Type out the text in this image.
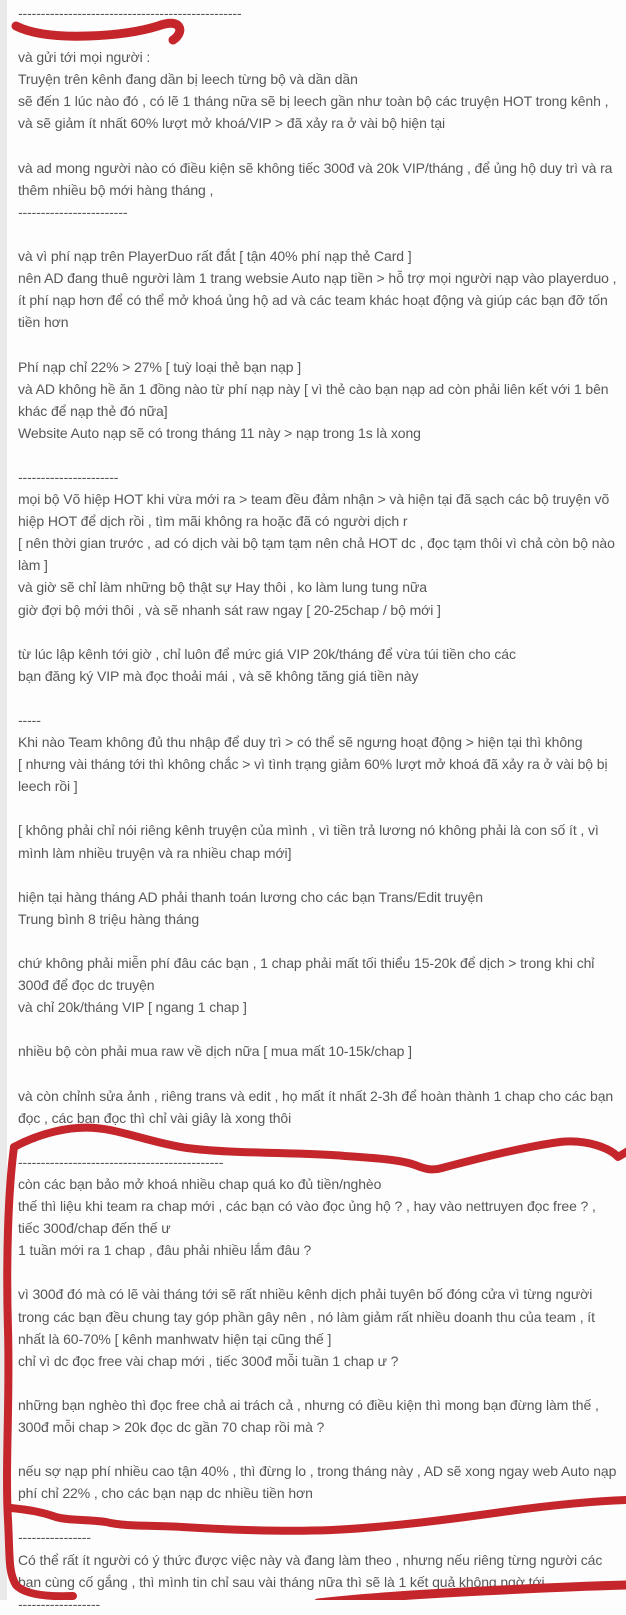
-------------------------------------------------

và gửi tới mọi người :
Truyện trên kênh đang dần bị leech từng bộ và dần dần
sẽ đến 1 lúc nào đó , có lẽ 1 tháng nữa sẽ bị leech gần như toàn bộ các truyện HOT trong kênh ,
và sẽ giảm ít nhất 60% lượt mở khoá/VIP > đã xảy ra ở vài bộ hiện tại

và ad mong người nào có điều kiện sẽ không tiếc 300đ và 20k VIP/tháng , để ủng hộ duy trì và ra
thêm nhiều bộ mới hàng tháng ,
------------------------

và vì phí nạp trên PlayerDuo rất đắt [ tận 40% phí nạp thẻ Card ]
nên AD đang thuê người làm 1 trang websie Auto nạp tiền > hỗ trợ mọi người nạp vào playerduo ,
ít phí nạp hơn để có thể mở khoá ủng hộ ad và các team khác hoạt động và giúp các bạn đỡ tốn
tiền hơn

Phí nạp chỉ 22% > 27% [ tuỳ loại thẻ bạn nạp ]
và AD không hề ăn 1 đồng nào từ phí nạp này [ vì thẻ cào bạn nạp ad còn phải liên kết với 1 bên
khác để nạp thẻ đó nữa]
Website Auto nạp sẽ có trong tháng 11 này > nạp trong 1s là xong

----------------------
mọi bộ Võ hiệp HOT khi vừa mới ra > team đều đảm nhận > và hiện tại đã sạch các bộ truyện võ
hiệp HOT để dịch rồi , tìm mãi không ra hoặc đã có người dịch r
[ nên thời gian trước , ad có dịch vài bộ tạm tạm nên chả HOT dc , đọc tạm thôi vì chả còn bộ nào
làm ]
và giờ sẽ chỉ làm những bộ thật sự Hay thôi , ko làm lung tung nữa
giờ đợi bộ mới thôi , và sẽ nhanh sát raw ngay [ 20-25chap / bộ mới ]

từ lúc lập kênh tới giờ , chỉ luôn để mức giá VIP 20k/tháng để vừa túi tiền cho các
bạn đăng ký VIP mà đọc thoải mái , và sẽ không tăng giá tiền này

-----
Khi nào Team không đủ thu nhập để duy trì > có thể sẽ ngưng hoạt động > hiện tại thì không
[ nhưng vài tháng tới thì không chắc > vì tình trạng giảm 60% lượt mở khoá đã xảy ra ở vài bộ bị
leech rồi ]

[ không phải chỉ nói riêng kênh truyện của mình , vì tiền trả lương nó không phải là con số ít , vì
mình làm nhiều truyện và ra nhiều chap mới]

hiện tại hàng tháng AD phải thanh toán lương cho các bạn Trans/Edit truyện
Trung bình 8 triệu hàng tháng

chứ không phải miễn phí đâu các bạn , 1 chap phải mất tối thiểu 15-20k để dịch > trong khi chỉ
300đ để đọc dc truyện
và chỉ 20k/tháng VIP [ ngang 1 chap ]

nhiều bộ còn phải mua raw về dịch nữa [ mua mất 10-15k/chap ]

và còn chỉnh sửa ảnh , riêng trans và edit , họ mất ít nhất 2-3h để hoàn thành 1 chap cho các bạn
đọc , các bạn đọc thì chỉ vài giây là xong thôi
----
---------------------------------------------
còn các bạn bảo mở khoá nhiều chap quá ko đủ tiền/nghèo
thế thì liệu khi team ra chap mới , các bạn có vào đọc ủng hộ ? , hay vào nettruyen đọc free ? ,
tiếc 300đ/chap đến thế ư
1 tuần mới ra 1 chap , đâu phải nhiều lắm đâu ?

vì 300đ đó mà có lẽ vài tháng tới sẽ rất nhiều kênh dịch phải tuyên bố đóng cửa vì từng người
trong các bạn đều chung tay góp phần gây nên , nó làm giảm rất nhiều doanh thu của team , ít
nhất là 60-70% [ kênh manhwatv hiện tại cũng thế ]
chỉ vì dc đọc free vài chap mới , tiếc 300đ mỗi tuần 1 chap ư ?

những bạn nghèo thì đọc free chả ai trách cả , nhưng có điều kiện thì mong bạn đừng làm thế ,
300đ mỗi chap > 20k đọc dc gần 70 chap rồi mà ?

nếu sợ nạp phí nhiều cao tận 40% , thì đừng lo , trong tháng này , AD sẽ xong ngay web Auto nạp
phí chỉ 22% , cho các bạn nạp dc nhiều tiền hơn

----------------
Có thể rất ít người có ý thức được việc này và đang làm theo , nhưng nếu riêng từng người các
bạn cùng cố gắng , thì mình tin chỉ sau vài tháng nữa thì sẽ là 1 kết quả không ngờ tới
------------------
